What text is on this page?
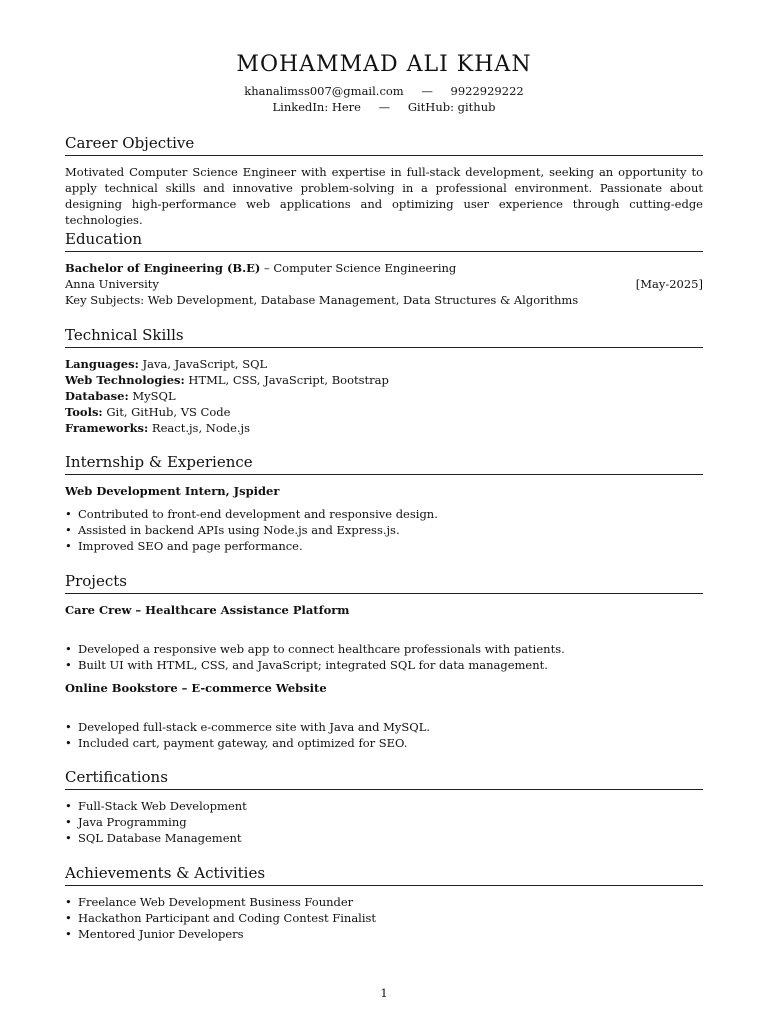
MOHAMMAD ALI KHAN
khanalimss007@gmail.com — 9922929222
LinkedIn: Here — GitHub: github
Career Objective
Motivated Computer Science Engineer with expertise in full-stack development, seeking an opportunity to apply technical skills and innovative problem-solving in a professional environment. Passionate about designing high-performance web applications and optimizing user experience through cutting-edge technologies.
Education
Bachelor of Engineering (B.E) – Computer Science Engineering
Anna University	[May-2025]
Key Subjects: Web Development, Database Management, Data Structures & Algorithms
Technical Skills
Languages: Java, JavaScript, SQL
Web Technologies: HTML, CSS, JavaScript, Bootstrap
Database: MySQL
Tools: Git, GitHub, VS Code
Frameworks: React.js, Node.js
Internship & Experience
Web Development Intern, Jspider
• Contributed to front-end development and responsive design.
• Assisted in backend APIs using Node.js and Express.js.
• Improved SEO and page performance.
Projects
Care Crew – Healthcare Assistance Platform
• Developed a responsive web app to connect healthcare professionals with patients.
• Built UI with HTML, CSS, and JavaScript; integrated SQL for data management.
Online Bookstore – E-commerce Website
• Developed full-stack e-commerce site with Java and MySQL.
• Included cart, payment gateway, and optimized for SEO.
Certifications
• Full-Stack Web Development
• Java Programming
• SQL Database Management
Achievements & Activities
• Freelance Web Development Business Founder
• Hackathon Participant and Coding Contest Finalist
• Mentored Junior Developers
1
